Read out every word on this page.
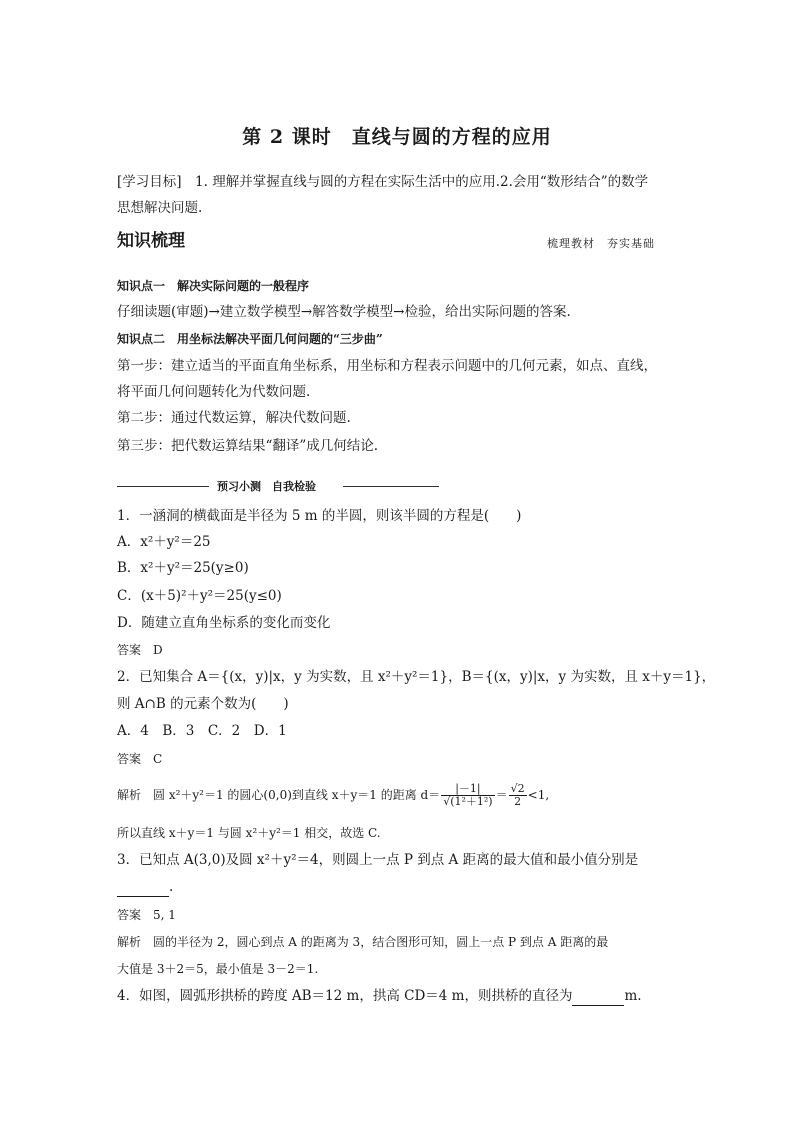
第 2 课时　直线与圆的方程的应用
[学习目标]　1. 理解并掌握直线与圆的方程在实际生活中的应用.2.会用“数形结合”的数学
思想解决问题.
知识梳理	梳理教材　夯实基础
知识点一　解决实际问题的一般程序
仔细读题(审题)→建立数学模型→解答数学模型→检验，给出实际问题的答案.
知识点二　用坐标法解决平面几何问题的“三步曲”
第一步：建立适当的平面直角坐标系，用坐标和方程表示问题中的几何元素，如点、直线，
将平面几何问题转化为代数问题.
第二步：通过代数运算，解决代数问题.
第三步：把代数运算结果“翻译”成几何结论.
预习小测　自我检验
1．一涵洞的横截面是半径为 5 m 的半圆，则该半圆的方程是(　　)
A．x²＋y²＝25
B．x²＋y²＝25(y≥0)
C．(x＋5)²＋y²＝25(y≤0)
D．随建立直角坐标系的变化而变化
答案　D
2．已知集合 A＝{(x，y)|x，y 为实数，且 x²＋y²＝1}，B＝{(x，y)|x，y 为实数，且 x＋y＝1}，
则 A∩B 的元素个数为(　　)
A．4　B．3　C．2　D．1
答案　C
解析　圆 x²＋y²＝1 的圆心(0,0)到直线 x＋y＝1 的距离 $d= \frac{|-1|}{\text{√(1²＋1²)}} = \frac{√2}{2} <1$,
所以直线 x＋y＝1 与圆 x²＋y²＝1 相交，故选 C.
3．已知点 A(3,0)及圆 x²＋y²＝4，则圆上一点 P 到点 A 距离的最大值和最小值分别是
.
答案　5, 1
解析　圆的半径为 2，圆心到点 A 的距离为 3，结合图形可知，圆上一点 P 到点 A 距离的最
大值是 3＋2＝5，最小值是 3－2＝1.
4．如图，圆弧形拱桥的跨度 AB＝12 m，拱高 CD＝4 m，则拱桥的直径为	m.
